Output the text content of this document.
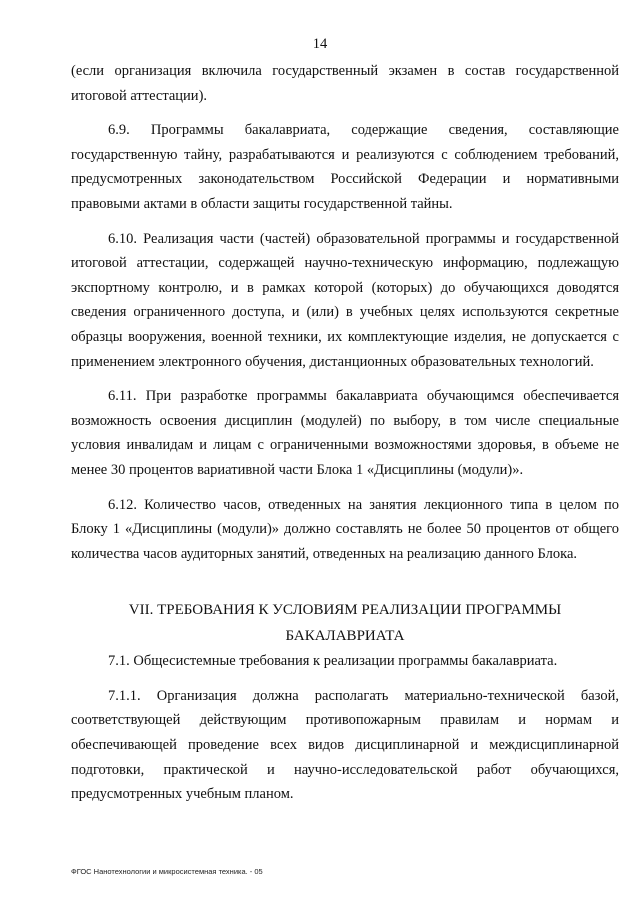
14

(если организация включила государственный экзамен в состав государственной итоговой аттестации).

6.9. Программы бакалавриата, содержащие сведения, составляющие государственную тайну, разрабатываются и реализуются с соблюдением требований, предусмотренных законодательством Российской Федерации и нормативными правовыми актами в области защиты государственной тайны.

6.10. Реализация части (частей) образовательной программы и государственной итоговой аттестации, содержащей научно-техническую информацию, подлежащую экспортному контролю, и в рамках которой (которых) до обучающихся доводятся сведения ограниченного доступа, и (или) в учебных целях используются секретные образцы вооружения, военной техники, их комплектующие изделия, не допускается с применением электронного обучения, дистанционных образовательных технологий.

6.11. При разработке программы бакалавриата обучающимся обеспечивается возможность освоения дисциплин (модулей) по выбору, в том числе специальные условия инвалидам и лицам с ограниченными возможностями здоровья, в объеме не менее 30 процентов вариативной части Блока 1 «Дисциплины (модули)».

6.12. Количество часов, отведенных на занятия лекционного типа в целом по Блоку 1 «Дисциплины (модули)» должно составлять не более 50 процентов от общего количества часов аудиторных занятий, отведенных на реализацию данного Блока.

VII. ТРЕБОВАНИЯ К УСЛОВИЯМ РЕАЛИЗАЦИИ ПРОГРАММЫ
БАКАЛАВРИАТА

7.1. Общесистемные требования к реализации программы бакалавриата.

7.1.1. Организация должна располагать материально-технической базой, соответствующей действующим противопожарным правилам и нормам и обеспечивающей проведение всех видов дисциплинарной и междисциплинарной подготовки, практической и научно-исследовательской работ обучающихся, предусмотренных учебным планом.

ФГОС Нанотехнологии и микросистемная техника. - 05
